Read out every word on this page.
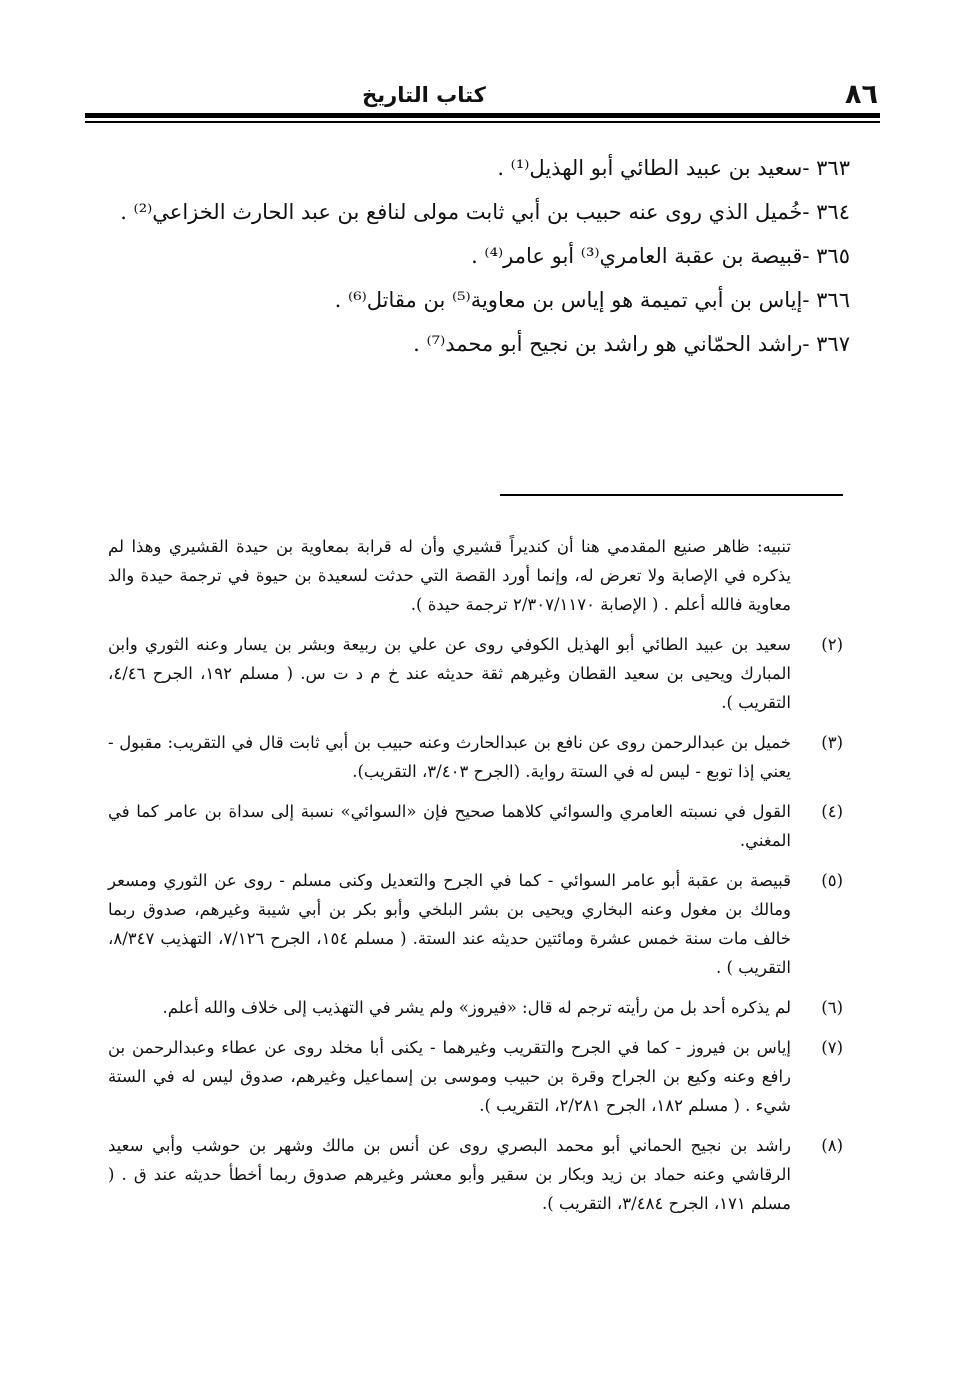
٨٦
كتاب التاريخ
٣٦٣ -
سعيد بن عبيد الطائي أبو الهذيل⁽¹⁾ .
٣٦٤ -
خُميل الذي روى عنه حبيب بن أبي ثابت مولى لنافع بن عبد الحارث الخزاعي⁽²⁾ .
٣٦٥ -
قبيصة بن عقبة العامري⁽³⁾ أبو عامر⁽⁴⁾ .
٣٦٦ -
إياس بن أبي تميمة هو إياس بن معاوية⁽⁵⁾ بن مقاتل⁽⁶⁾ .
٣٦٧ -
راشد الحمّاني هو راشد بن نجيح أبو محمد⁽⁷⁾ .
تنبيه: ظاهر صنيع المقدمي هنا أن كنديراً قشيري وأن له قرابة بمعاوية بن حيدة القشيري وهذا لم يذكره في الإصابة ولا تعرض له، وإنما أورد القصة التي حدثت لسعيدة بن حيوة في ترجمة حيدة والد معاوية فالله أعلم . ( الإصابة ٢/٣٠٧/١١٧٠ ترجمة حيدة ).
(٢)
سعيد بن عبيد الطائي أبو الهذيل الكوفي روى عن علي بن ربيعة وبشر بن يسار وعنه الثوري وابن المبارك ويحيى بن سعيد القطان وغيرهم ثقة حديثه عند خ م د ت س. ( مسلم ١٩٢، الجرح ٤/٤٦، التقريب ).
(٣)
خميل بن عبدالرحمن روى عن نافع بن عبدالحارث وعنه حبيب بن أبي ثابت قال في التقريب: مقبول - يعني إذا توبع - ليس له في الستة رواية. (الجرح ٣/٤٠٣، التقريب).
(٤)
القول في نسبته العامري والسوائي كلاهما صحيح فإن «السوائي» نسبة إلى سداة بن عامر كما في المغني.
(٥)
قبيصة بن عقبة أبو عامر السوائي - كما في الجرح والتعديل وكنى مسلم - روى عن الثوري ومسعر ومالك بن مغول وعنه البخاري ويحيى بن بشر البلخي وأبو بكر بن أبي شيبة وغيرهم، صدوق ربما خالف مات سنة خمس عشرة ومائتين حديثه عند الستة. ( مسلم ١٥٤، الجرح ٧/١٢٦، التهذيب ٨/٣٤٧، التقريب ) .
(٦)
لم يذكره أحد بل من رأيته ترجم له قال: «فيروز» ولم يشر في التهذيب إلى خلاف والله أعلم.
(٧)
إياس بن فيروز - كما في الجرح والتقريب وغيرهما - يكنى أبا مخلد روى عن عطاء وعبدالرحمن بن رافع وعنه وكيع بن الجراح وقرة بن حبيب وموسى بن إسماعيل وغيرهم، صدوق ليس له في الستة شيء . ( مسلم ١٨٢، الجرح ٢/٢٨١، التقريب ).
(٨)
راشد بن نجيح الحماني أبو محمد البصري روى عن أنس بن مالك وشهر بن حوشب وأبي سعيد الرقاشي وعنه حماد بن زيد وبكار بن سقير وأبو معشر وغيرهم صدوق ربما أخطأ حديثه عند ق . ( مسلم ١٧١، الجرح ٣/٤٨٤، التقريب ).
